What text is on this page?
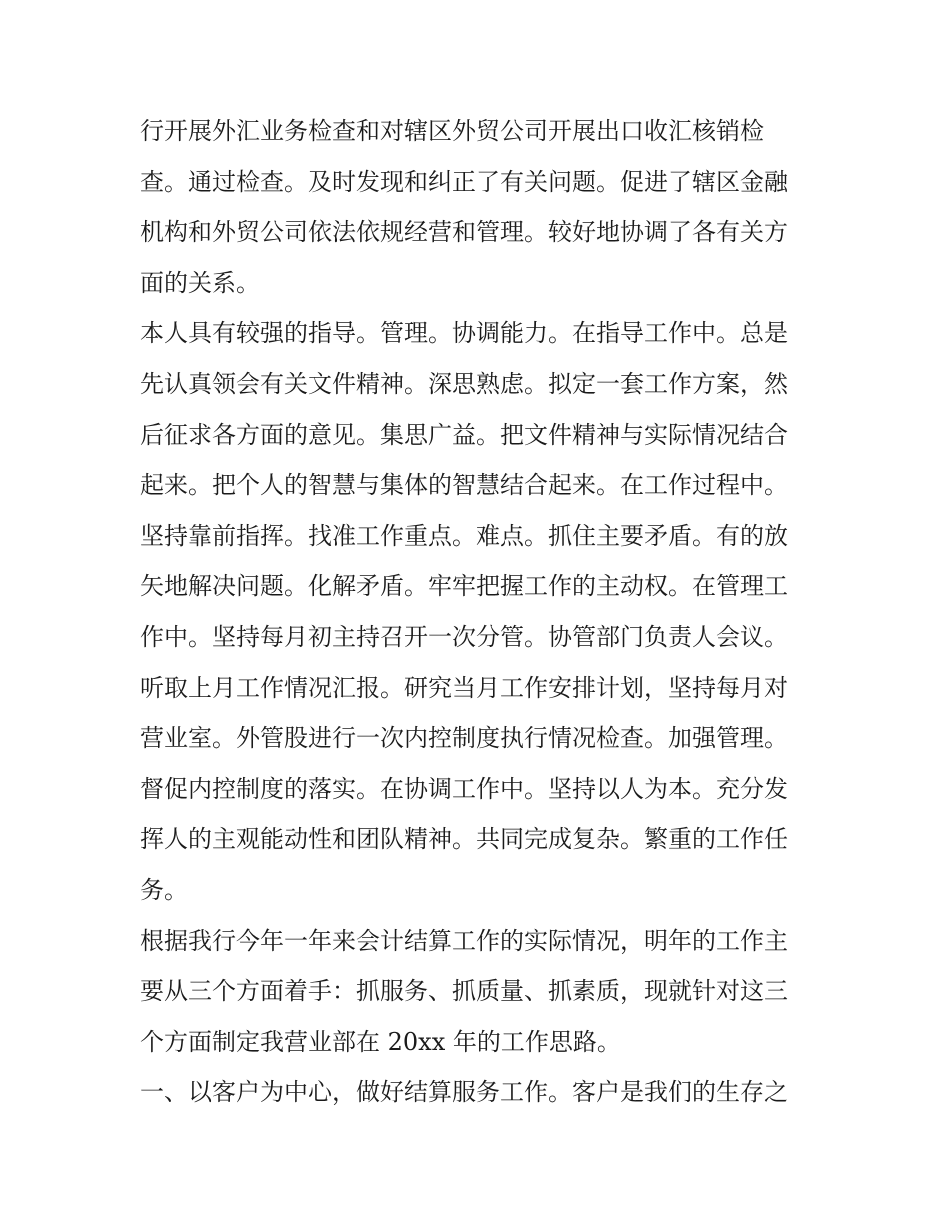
行开展外汇业务检查和对辖区外贸公司开展出口收汇核销检
查。通过检查。及时发现和纠正了有关问题。促进了辖区金融
机构和外贸公司依法依规经营和管理。较好地协调了各有关方
面的关系。
本人具有较强的指导。管理。协调能力。在指导工作中。总是
先认真领会有关文件精神。深思熟虑。拟定一套工作方案，然
后征求各方面的意见。集思广益。把文件精神与实际情况结合
起来。把个人的智慧与集体的智慧结合起来。在工作过程中。
坚持靠前指挥。找准工作重点。难点。抓住主要矛盾。有的放
矢地解决问题。化解矛盾。牢牢把握工作的主动权。在管理工
作中。坚持每月初主持召开一次分管。协管部门负责人会议。
听取上月工作情况汇报。研究当月工作安排计划，坚持每月对
营业室。外管股进行一次内控制度执行情况检查。加强管理。
督促内控制度的落实。在协调工作中。坚持以人为本。充分发
挥人的主观能动性和团队精神。共同完成复杂。繁重的工作任
务。
根据我行今年一年来会计结算工作的实际情况，明年的工作主
要从三个方面着手：抓服务、抓质量、抓素质，现就针对这三
个方面制定我营业部在 20xx 年的工作思路。
一、以客户为中心，做好结算服务工作。客户是我们的生存之
